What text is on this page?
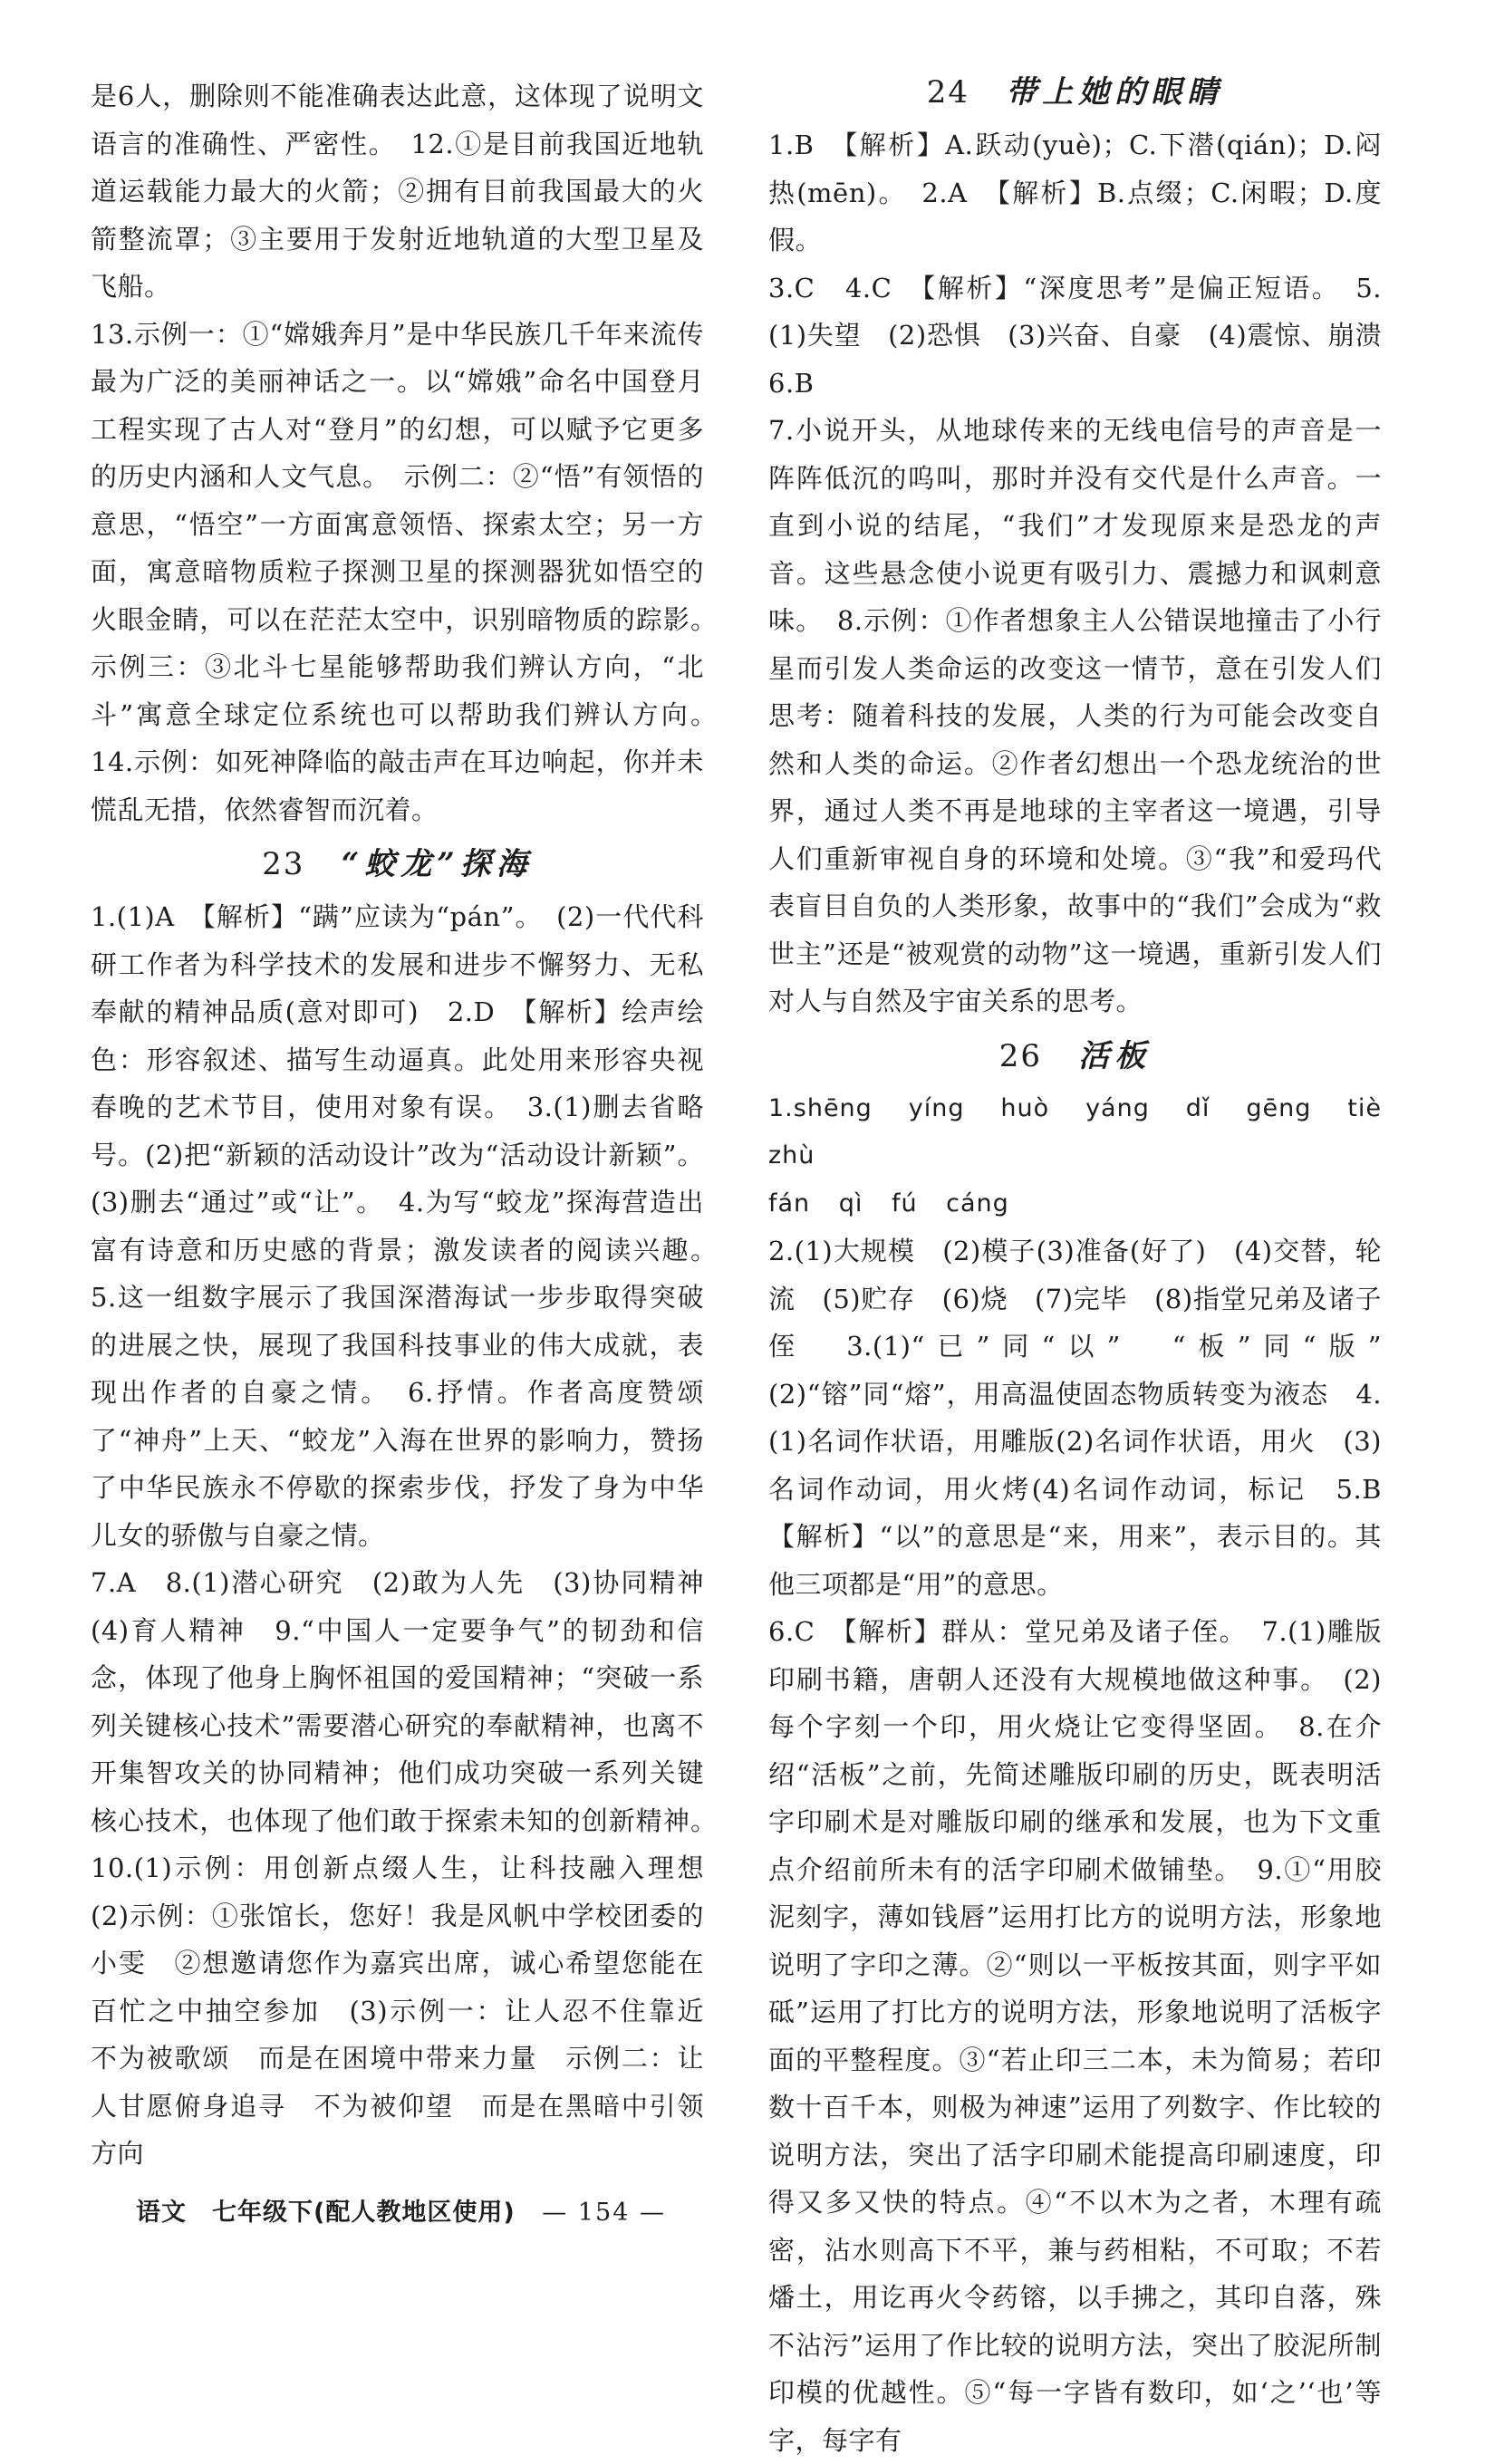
是6人，删除则不能准确表达此意，这体现了说明文语言的准确性、严密性。　12.①是目前我国近地轨道运载能力最大的火箭；②拥有目前我国最大的火箭整流罩；③主要用于发射近地轨道的大型卫星及飞船。

13.示例一：①“嫦娥奔月”是中华民族几千年来流传最为广泛的美丽神话之一。以“嫦娥”命名中国登月工程实现了古人对“登月”的幻想，可以赋予它更多的历史内涵和人文气息。　示例二：②“悟”有领悟的意思，“悟空”一方面寓意领悟、探索太空；另一方面，寓意暗物质粒子探测卫星的探测器犹如悟空的火眼金睛，可以在茫茫太空中，识别暗物质的踪影。　示例三：③北斗七星能够帮助我们辨认方向，“北斗”寓意全球定位系统也可以帮助我们辨认方向。　14.示例：如死神降临的敲击声在耳边响起，你并未慌乱无措，依然睿智而沉着。

23 “蛟龙”探海

1.(1)A　【解析】“蹒”应读为“pán”。　(2)一代代科研工作者为科学技术的发展和进步不懈努力、无私奉献的精神品质(意对即可)　2.D　【解析】绘声绘色：形容叙述、描写生动逼真。此处用来形容央视春晚的艺术节目，使用对象有误。　3.(1)删去省略号。(2)把“新颖的活动设计”改为“活动设计新颖”。(3)删去“通过”或“让”。　4.为写“蛟龙”探海营造出富有诗意和历史感的背景；激发读者的阅读兴趣。　5.这一组数字展示了我国深潜海试一步步取得突破的进展之快，展现了我国科技事业的伟大成就，表现出作者的自豪之情。　6.抒情。作者高度赞颂了“神舟”上天、“蛟龙”入海在世界的影响力，赞扬了中华民族永不停歇的探索步伐，抒发了身为中华儿女的骄傲与自豪之情。

7.A　8.(1)潜心研究　(2)敢为人先　(3)协同精神(4)育人精神　9.“中国人一定要争气”的韧劲和信念，体现了他身上胸怀祖国的爱国精神；“突破一系列关键核心技术”需要潜心研究的奉献精神，也离不开集智攻关的协同精神；他们成功突破一系列关键核心技术，也体现了他们敢于探索未知的创新精神。　10.(1)示例：用创新点缀人生，让科技融入理想　(2)示例：①张馆长，您好！我是风帆中学校团委的小雯　②想邀请您作为嘉宾出席，诚心希望您能在百忙之中抽空参加　(3)示例一：让人忍不住靠近　不为被歌颂　而是在困境中带来力量　示例二：让人甘愿俯身追寻　不为被仰望　而是在黑暗中引领方向

24 带上她的眼睛

1.B　【解析】A.跃动(yuè)；C.下潜(qián)；D.闷热(mēn)。　2.A　【解析】B.点缀；C.闲暇；D.度假。

3.C　4.C　【解析】“深度思考”是偏正短语。　5.(1)失望　(2)恐惧　(3)兴奋、自豪　(4)震惊、崩溃　6.B

7.小说开头，从地球传来的无线电信号的声音是一阵阵低沉的呜叫，那时并没有交代是什么声音。一直到小说的结尾，“我们”才发现原来是恐龙的声音。这些悬念使小说更有吸引力、震撼力和讽刺意味。　8.示例：①作者想象主人公错误地撞击了小行星而引发人类命运的改变这一情节，意在引发人们思考：随着科技的发展，人类的行为可能会改变自然和人类的命运。②作者幻想出一个恐龙统治的世界，通过人类不再是地球的主宰者这一境遇，引导人们重新审视自身的环境和处境。③“我”和爱玛代表盲目自负的人类形象，故事中的“我们”会成为“救世主”还是“被观赏的动物”这一境遇，重新引发人们对人与自然及宇宙关系的思考。

26 活板

1.shēng yíng huò yáng dǐ gēng tiè zhù

fán qì fú cáng

2.(1)大规模　(2)模子(3)准备(好了)　(4)交替，轮流　(5)贮存　(6)烧　(7)完毕　(8)指堂兄弟及诸子侄　3.(1)“已”同“以”　“板”同“版”　(2)“镕”同“熔”，用高温使固态物质转变为液态　4.(1)名词作状语，用雕版(2)名词作状语，用火　(3)名词作动词，用火烤(4)名词作动词，标记　5.B　【解析】“以”的意思是“来，用来”，表示目的。其他三项都是“用”的意思。

6.C　【解析】群从：堂兄弟及诸子侄。　7.(1)雕版印刷书籍，唐朝人还没有大规模地做这种事。　(2)每个字刻一个印，用火烧让它变得坚固。　8.在介绍“活板”之前，先简述雕版印刷的历史，既表明活字印刷术是对雕版印刷的继承和发展，也为下文重点介绍前所未有的活字印刷术做铺垫。　9.①“用胶泥刻字，薄如钱唇”运用打比方的说明方法，形象地说明了字印之薄。②“则以一平板按其面，则字平如砥”运用了打比方的说明方法，形象地说明了活板字面的平整程度。③“若止印三二本，未为简易；若印数十百千本，则极为神速”运用了列数字、作比较的说明方法，突出了活字印刷术能提高印刷速度，印得又多又快的特点。④“不以木为之者，木理有疏密，沾水则高下不平，兼与药相粘，不可取；不若燔土，用讫再火令药镕，以手拂之，其印自落，殊不沾污”运用了作比较的说明方法，突出了胶泥所制印模的优越性。⑤“每一字皆有数印，如‘之’‘也’等字，每字有

语文　七年级下(配人教地区使用) — 154 —
